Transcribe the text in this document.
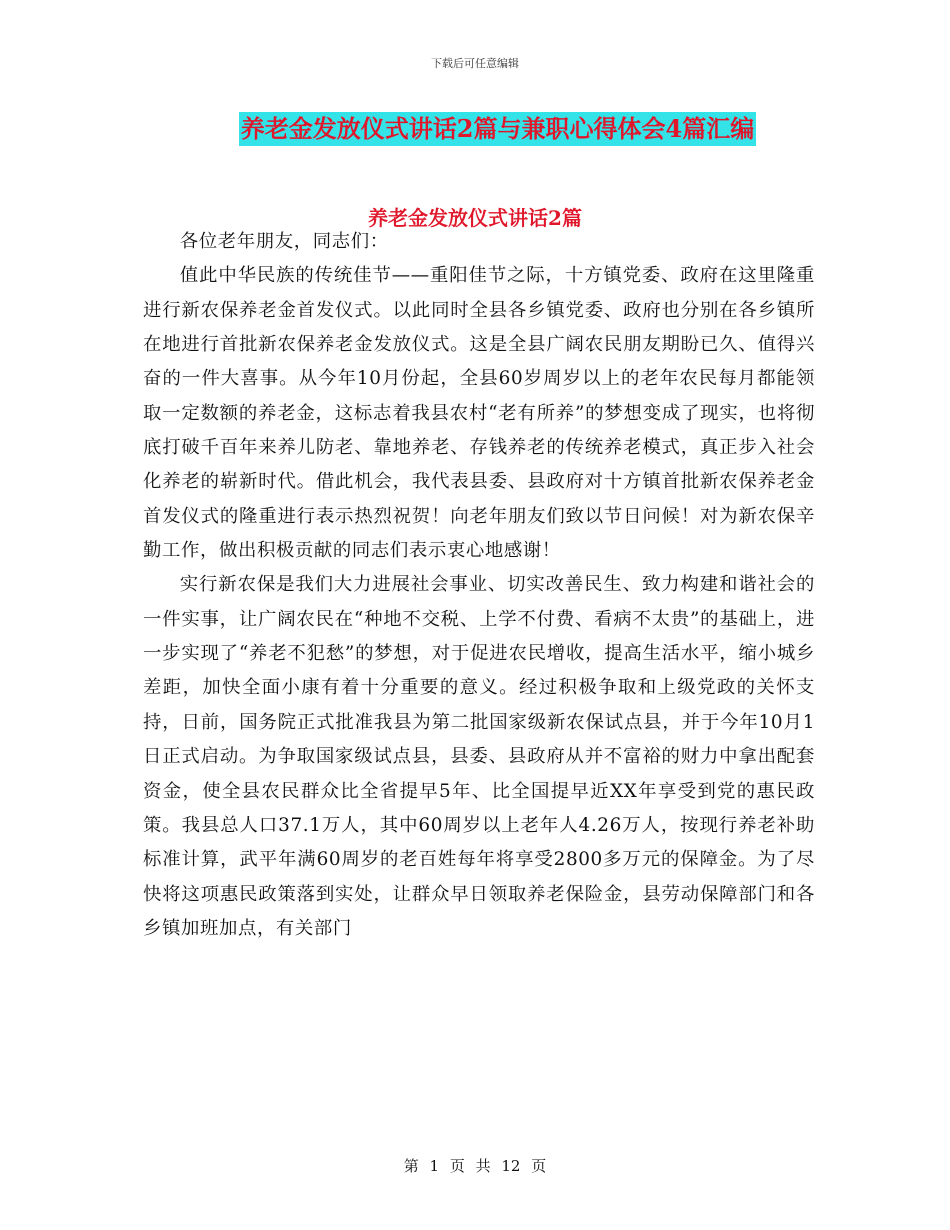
下载后可任意编辑
养老金发放仪式讲话2篇与兼职心得体会4篇汇编
养老金发放仪式讲话2篇

各位老年朋友，同志们：

值此中华民族的传统佳节——重阳佳节之际，十方镇党委、政府在这里隆重进行新农保养老金首发仪式。以此同时全县各乡镇党委、政府也分别在各乡镇所在地进行首批新农保养老金发放仪式。这是全县广阔农民朋友期盼已久、值得兴奋的一件大喜事。从今年10月份起，全县60岁周岁以上的老年农民每月都能领取一定数额的养老金，这标志着我县农村“老有所养”的梦想变成了现实，也将彻底打破千百年来养儿防老、靠地养老、存钱养老的传统养老模式，真正步入社会化养老的崭新时代。借此机会，我代表县委、县政府对十方镇首批新农保养老金首发仪式的隆重进行表示热烈祝贺！向老年朋友们致以节日问候！对为新农保辛勤工作，做出积极贡献的同志们表示衷心地感谢！

实行新农保是我们大力进展社会事业、切实改善民生、致力构建和谐社会的一件实事，让广阔农民在“种地不交税、上学不付费、看病不太贵”的基础上，进一步实现了“养老不犯愁”的梦想，对于促进农民增收，提高生活水平，缩小城乡差距，加快全面小康有着十分重要的意义。经过积极争取和上级党政的关怀支持，日前，国务院正式批准我县为第二批国家级新农保试点县，并于今年10月1日正式启动。为争取国家级试点县，县委、县政府从并不富裕的财力中拿出配套资金，使全县农民群众比全省提早5年、比全国提早近XX年享受到党的惠民政策。我县总人口37.1万人，其中60周岁以上老年人4.26万人，按现行养老补助标准计算，武平年满60周岁的老百姓每年将享受2800多万元的保障金。为了尽快将这项惠民政策落到实处，让群众早日领取养老保险金，县劳动保障部门和各乡镇加班加点，有关部门

第 1 页 共 12 页
